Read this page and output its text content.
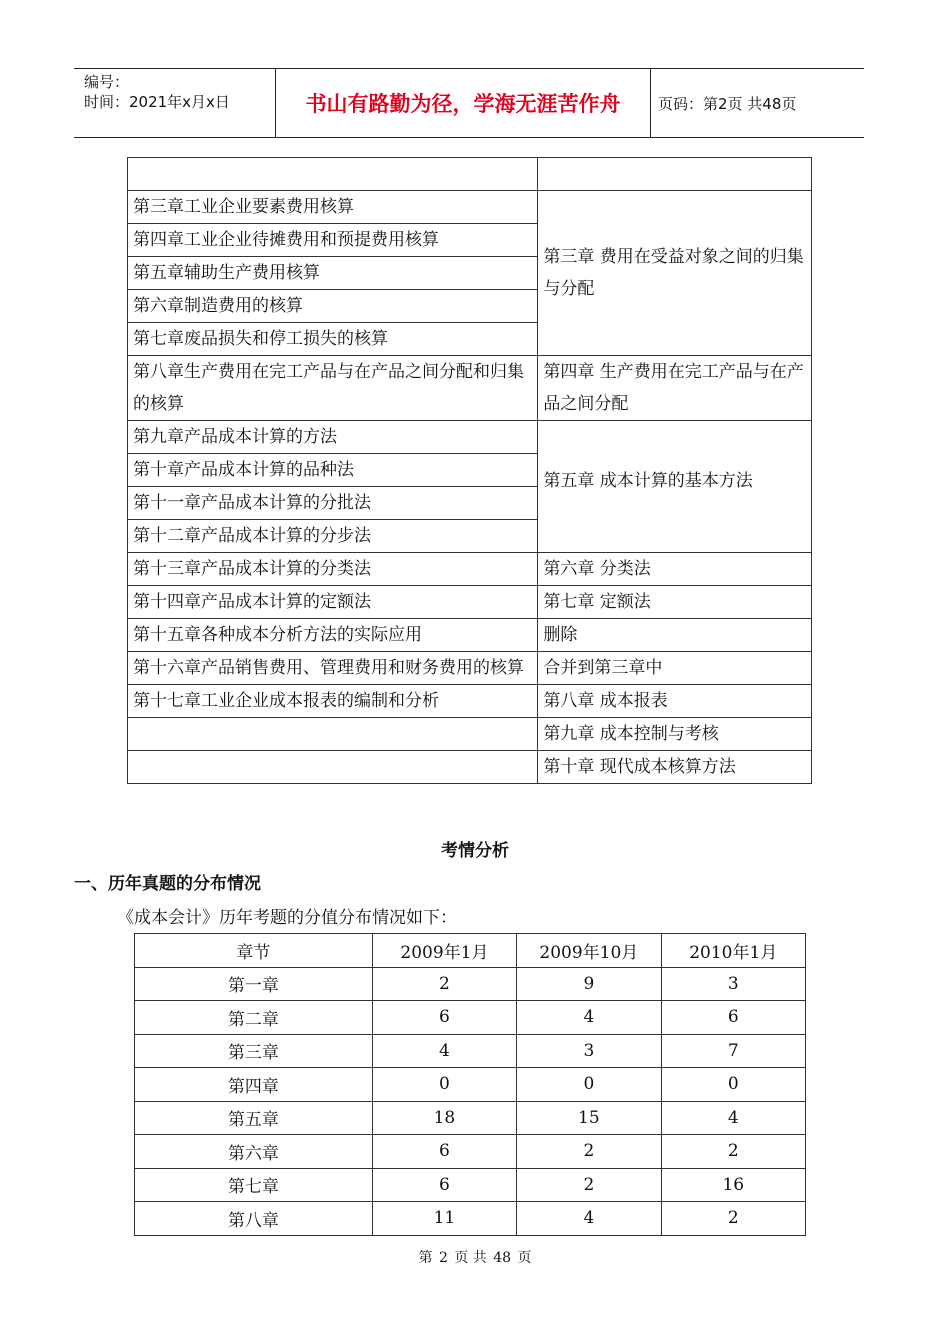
编号：
时间：2021年x月x日	书山有路勤为径，学海无涯苦作舟	页码：第2页 共48页

第三章工业企业要素费用核算	第三章 费用在受益对象之间的归集与分配
第四章工业企业待摊费用和预提费用核算	
第五章辅助生产费用核算	
第六章制造费用的核算	
第七章废品损失和停工损失的核算	
第八章生产费用在完工产品与在产品之间分配和归集的核算	第四章 生产费用在完工产品与在产品之间分配
第九章产品成本计算的方法	第五章 成本计算的基本方法
第十章产品成本计算的品种法	
第十一章产品成本计算的分批法	
第十二章产品成本计算的分步法	
第十三章产品成本计算的分类法	第六章 分类法
第十四章产品成本计算的定额法	第七章 定额法
第十五章各种成本分析方法的实际应用	删除
第十六章产品销售费用、管理费用和财务费用的核算	合并到第三章中
第十七章工业企业成本报表的编制和分析	第八章 成本报表
	第九章 成本控制与考核
	第十章 现代成本核算方法
考情分析
一、历年真题的分布情况
《成本会计》历年考题的分值分布情况如下：
章节	2009年1月	2009年10月	2010年1月
第一章	2	9	3
第二章	6	4	6
第三章	4	3	7
第四章	0	0	0
第五章	18	15	4
第六章	6	2	2
第七章	6	2	16
第八章	11	4	2
第 2 页 共 48 页
